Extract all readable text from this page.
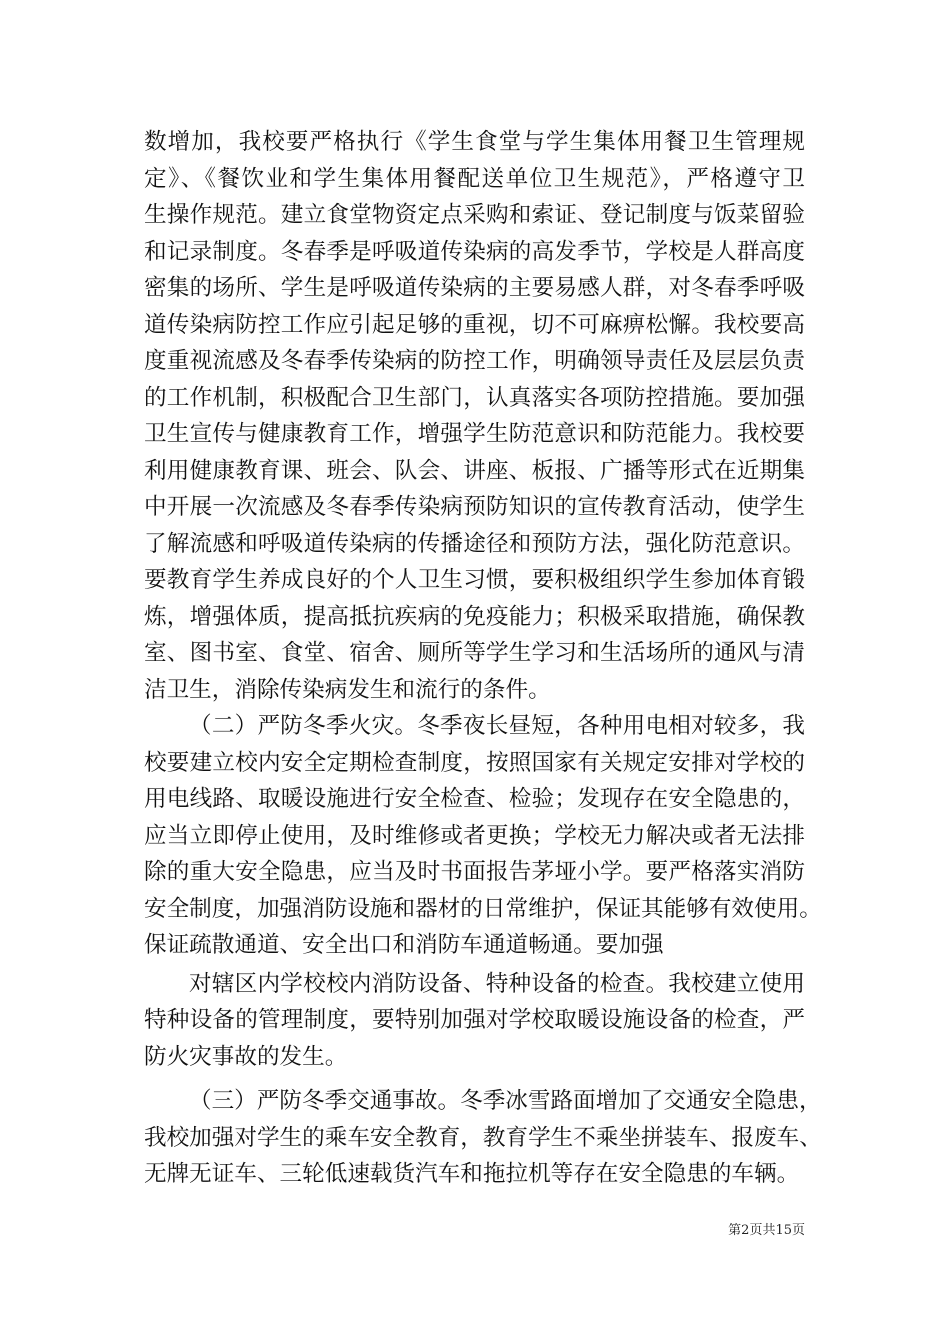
数增加，我校要严格执行《学生食堂与学生集体用餐卫生管理规
定》、《餐饮业和学生集体用餐配送单位卫生规范》，严格遵守卫
生操作规范。建立食堂物资定点采购和索证、登记制度与饭菜留验
和记录制度。冬春季是呼吸道传染病的高发季节，学校是人群高度
密集的场所、学生是呼吸道传染病的主要易感人群，对冬春季呼吸
道传染病防控工作应引起足够的重视，切不可麻痹松懈。我校要高
度重视流感及冬春季传染病的防控工作，明确领导责任及层层负责
的工作机制，积极配合卫生部门，认真落实各项防控措施。要加强
卫生宣传与健康教育工作，增强学生防范意识和防范能力。我校要
利用健康教育课、班会、队会、讲座、板报、广播等形式在近期集
中开展一次流感及冬春季传染病预防知识的宣传教育活动，使学生
了解流感和呼吸道传染病的传播途径和预防方法，强化防范意识。
要教育学生养成良好的个人卫生习惯，要积极组织学生参加体育锻
炼，增强体质，提高抵抗疾病的免疫能力；积极采取措施，确保教
室、图书室、食堂、宿舍、厕所等学生学习和生活场所的通风与清
洁卫生，消除传染病发生和流行的条件。
（二）严防冬季火灾。冬季夜长昼短，各种用电相对较多，我
校要建立校内安全定期检查制度，按照国家有关规定安排对学校的
用电线路、取暖设施进行安全检查、检验；发现存在安全隐患的，
应当立即停止使用，及时维修或者更换；学校无力解决或者无法排
除的重大安全隐患，应当及时书面报告茅垭小学。要严格落实消防
安全制度，加强消防设施和器材的日常维护，保证其能够有效使用。
保证疏散通道、安全出口和消防车通道畅通。要加强
对辖区内学校校内消防设备、特种设备的检查。我校建立使用
特种设备的管理制度，要特别加强对学校取暖设施设备的检查，严
防火灾事故的发生。
（三）严防冬季交通事故。冬季冰雪路面增加了交通安全隐患，
我校加强对学生的乘车安全教育，教育学生不乘坐拼装车、报废车、
无牌无证车、三轮低速载货汽车和拖拉机等存在安全隐患的车辆。
第2页共15页
